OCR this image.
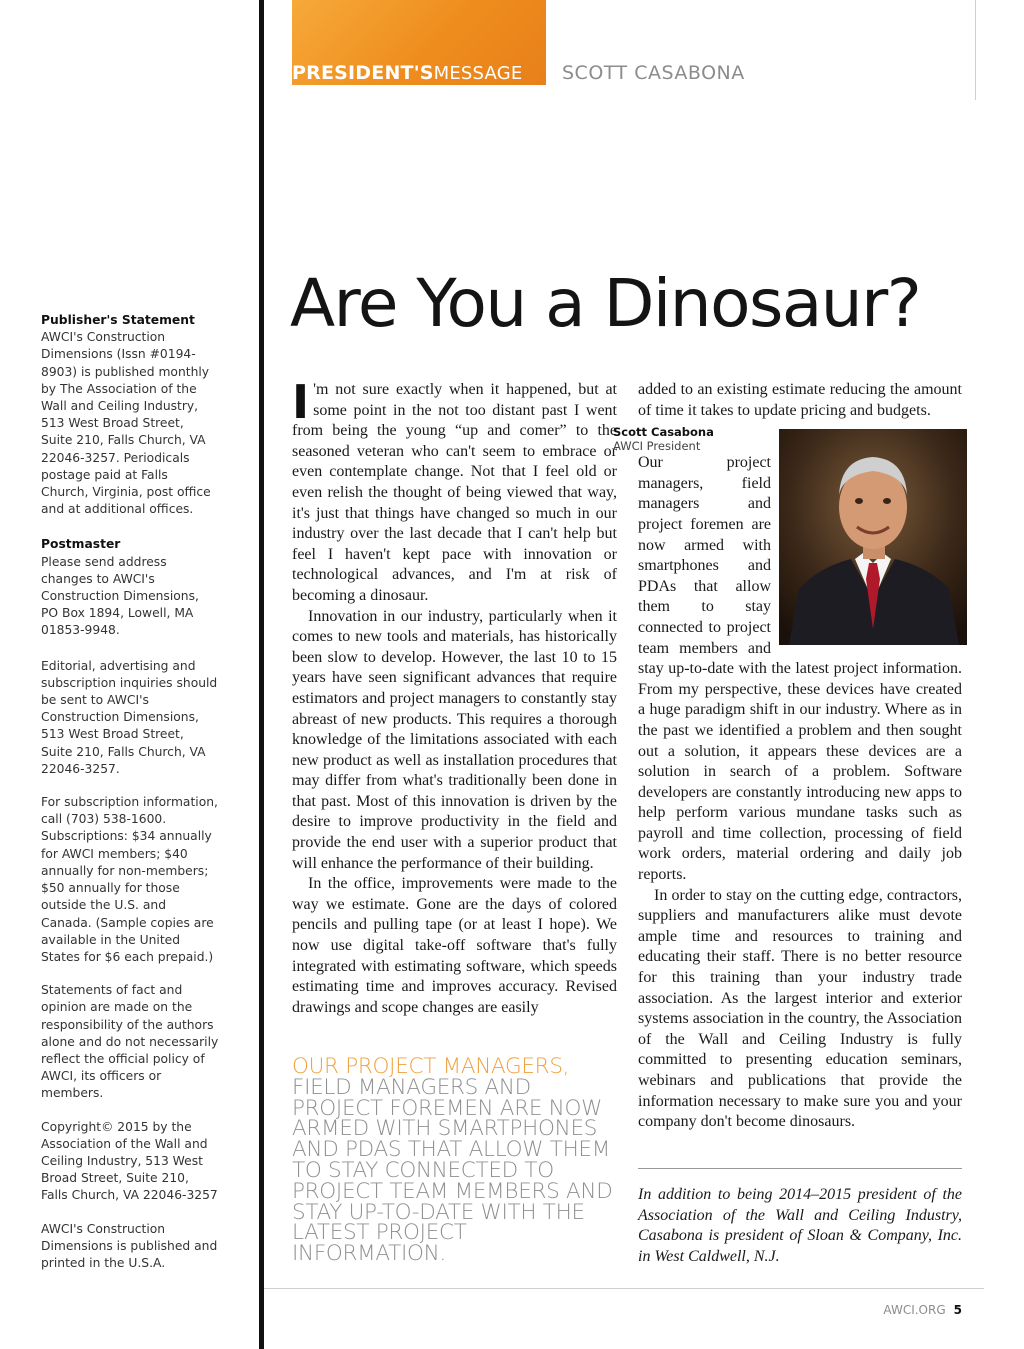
Publisher's Statement
AWCI's Construction Dimensions (Issn #0194-8903) is published monthly by The Association of the Wall and Ceiling Industry, 513 West Broad Street, Suite 210, Falls Church, VA 22046-3257. Periodicals postage paid at Falls Church, Virginia, post office and at additional offices.
Postmaster
Please send address changes to AWCI's Construction Dimensions, PO Box 1894, Lowell, MA 01853-9948.

Editorial, advertising and subscription inquiries should be sent to AWCI's Construction Dimensions, 513 West Broad Street, Suite 210, Falls Church, VA 22046-3257.

For subscription information, call (703) 538-1600. Subscriptions: $34 annually for AWCI members; $40 annually for non-members; $50 annually for those outside the U.S. and Canada. (Sample copies are available in the United States for $6 each prepaid.)

Statements of fact and opinion are made on the responsibility of the authors alone and do not necessarily reflect the official policy of AWCI, its officers or members.

Copyright© 2015 by the Association of the Wall and Ceiling Industry, 513 West Broad Street, Suite 210, Falls Church, VA 22046-3257

AWCI's Construction Dimensions is published and printed in the U.S.A.

PRESIDENT'SMESSAGE SCOTT CASABONA
Are You a Dinosaur?

I 'm not sure exactly when it happened, but at some point in the not too distant past I went from being the young “up and comer” to the seasoned veteran who can't seem to embrace or even contemplate change. Not that I feel old or even relish the thought of being viewed that way, it's just that things have changed so much in our industry over the last decade that I can't help but feel I haven't kept pace with innovation or technological advances, and I'm at risk of becoming a dinosaur.

Innovation in our industry, particularly when it comes to new tools and materials, has historically been slow to develop. However, the last 10 to 15 years have seen significant advances that require estimators and project managers to constantly stay abreast of new products. This requires a thorough knowledge of the limitations associated with each new product as well as installation procedures that may differ from what's traditionally been done in that past. Most of this innovation is driven by the desire to improve productivity in the field and provide the end user with a superior product that will enhance the performance of their building.

In the office, improvements were made to the way we estimate. Gone are the days of colored pencils and pulling tape (or at least I hope). We now use digital take-off software that's fully integrated with estimating software, which speeds estimating time and improves accuracy. Revised drawings and scope changes are easily

OUR PROJECT MANAGERS, FIELD MANAGERS AND PROJECT FOREMEN ARE NOW ARMED WITH SMARTPHONES AND PDAS THAT ALLOW THEM TO STAY CONNECTED TO PROJECT TEAM MEMBERS AND STAY UP-TO-DATE WITH THE LATEST PROJECT INFORMATION.

added to an existing estimate reducing the amount of time it takes to update pricing and budgets.

Scott Casabona
AWCI President
Our project managers, field managers and project foremen are now armed with smartphones and PDAs that allow them to stay connected to project team members and stay up-to-date with the latest project information. From my perspective, these devices have created a huge paradigm shift in our industry. Where as in the past we identified a problem and then sought out a solution, it appears these devices are a solution in search of a problem. Software developers are constantly introducing new apps to help perform various mundane tasks such as payroll and time collection, processing of field work orders, material ordering and daily job reports.

In order to stay on the cutting edge, contractors, suppliers and manufacturers alike must devote ample time and resources to training and educating their staff. There is no better resource for this training than your industry trade association. As the largest interior and exterior systems association in the country, the Association of the Wall and Ceiling Industry is fully committed to presenting education seminars, webinars and publications that provide the information necessary to make sure you and your company don't become dinosaurs.

In addition to being 2014–2015 president of the Association of the Wall and Ceiling Industry, Casabona is president of Sloan & Company, Inc. in West Caldwell, N.J.
AWCI.ORG 5
